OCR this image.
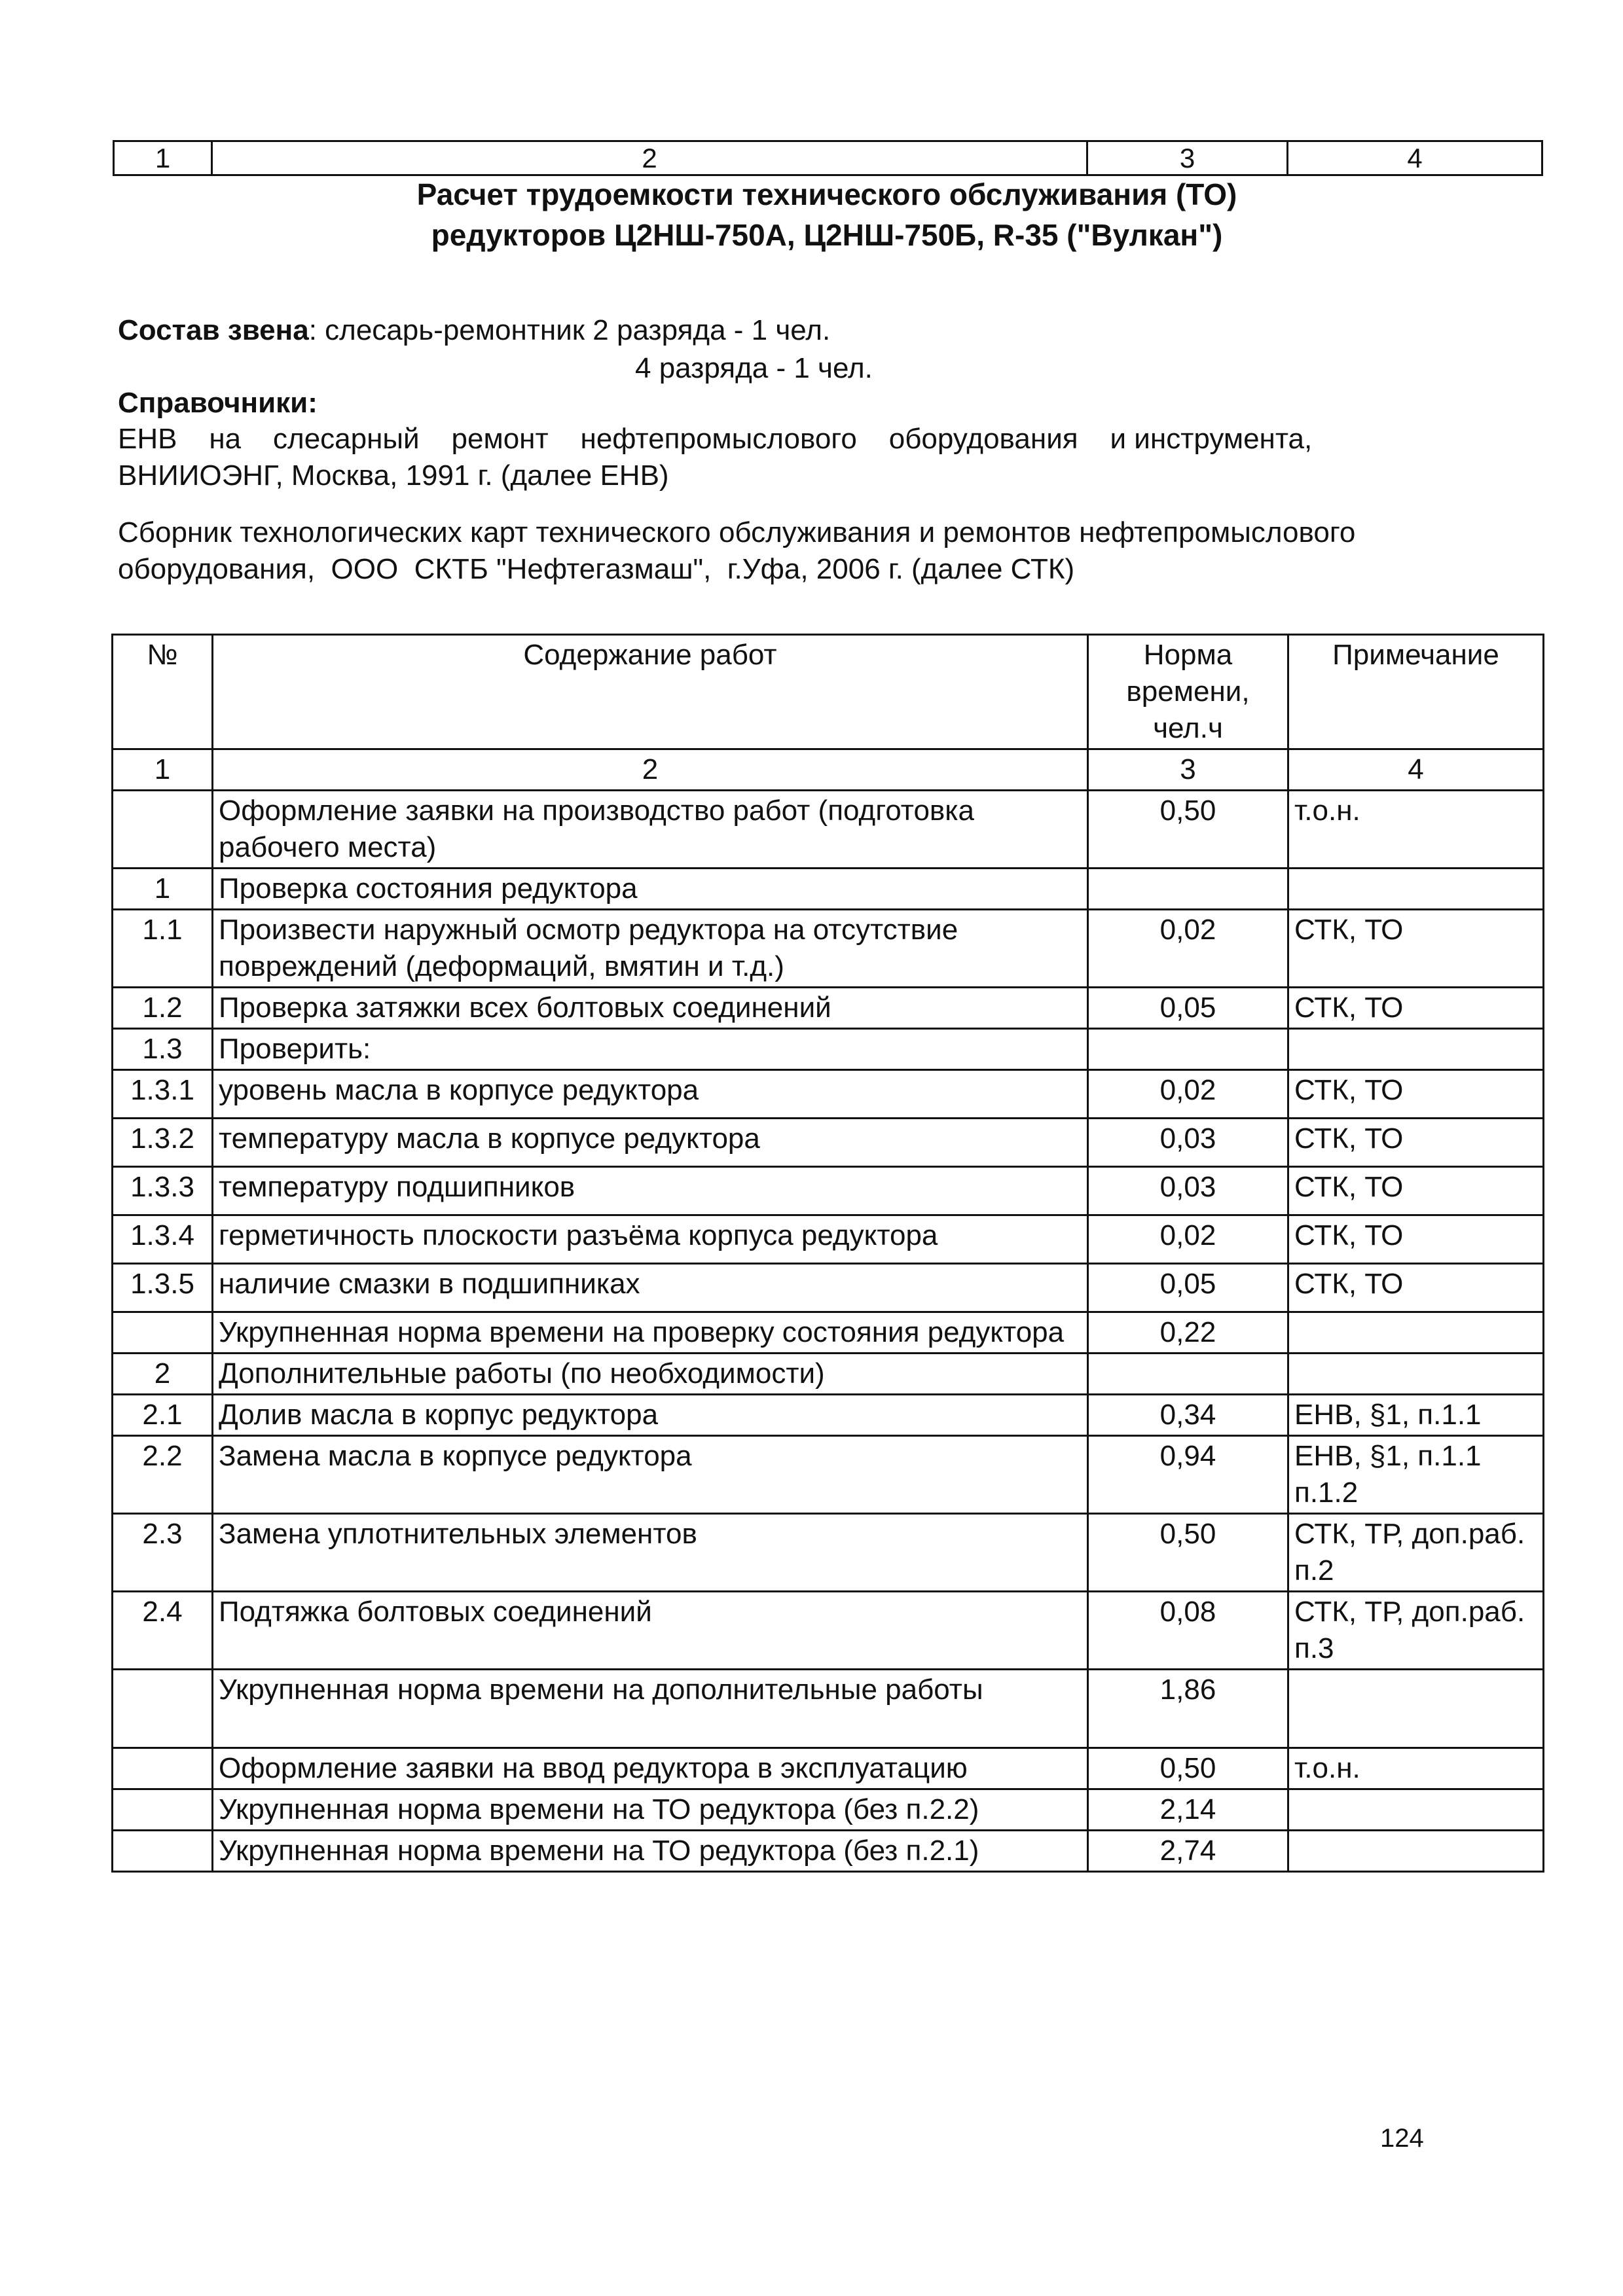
1	2	3	4
Расчет трудоемкости технического обслуживания (ТО)
редукторов Ц2НШ-750А, Ц2НШ-750Б, R-35 ("Вулкан")
Состав звена: слесарь-ремонтник 2 разряда - 1 чел.
4 разряда - 1 чел.
Справочники:
ЕНВ    на    слесарный    ремонт    нефтепромыслового    оборудования    и инструмента,
ВНИИОЭНГ, Москва, 1991 г. (далее ЕНВ)
Сборник технологических карт технического обслуживания и ремонтов нефтепромыслового
оборудования,  ООО  СКТБ "Нефтегазмаш",  г.Уфа, 2006 г. (далее СТК)
№	Содержание работ	Норма времени, чел.ч	Примечание
1	2	3	4
	Оформление заявки на производство работ (подготовка рабочего места)	0,50	т.о.н.
1	Проверка состояния редуктора		
1.1	Произвести наружный осмотр редуктора на отсутствие повреждений (деформаций, вмятин и т.д.)	0,02	СТК, ТО
1.2	Проверка затяжки всех болтовых соединений	0,05	СТК, ТО
1.3	Проверить:		
1.3.1	уровень масла в корпусе редуктора	0,02	СТК, ТО
1.3.2	температуру масла в корпусе редуктора	0,03	СТК, ТО
1.3.3	температуру подшипников	0,03	СТК, ТО
1.3.4	герметичность плоскости разъёма корпуса редуктора	0,02	СТК, ТО
1.3.5	наличие смазки в подшипниках	0,05	СТК, ТО
	Укрупненная норма времени на проверку состояния редуктора	0,22	
2	Дополнительные работы (по необходимости)		
2.1	Долив масла в корпус редуктора	0,34	ЕНВ, §1, п.1.1
2.2	Замена масла в корпусе редуктора	0,94	ЕНВ, §1, п.1.1 п.1.2
2.3	Замена уплотнительных элементов	0,50	СТК, ТР, доп.раб. п.2
2.4	Подтяжка болтовых соединений	0,08	СТК, ТР, доп.раб. п.3
	Укрупненная норма времени на дополнительные работы	1,86	
	Оформление заявки на ввод редуктора в эксплуатацию	0,50	т.о.н.
	Укрупненная норма времени на ТО редуктора (без п.2.2)	2,14	
	Укрупненная норма времени на ТО редуктора (без п.2.1)	2,74	
124
